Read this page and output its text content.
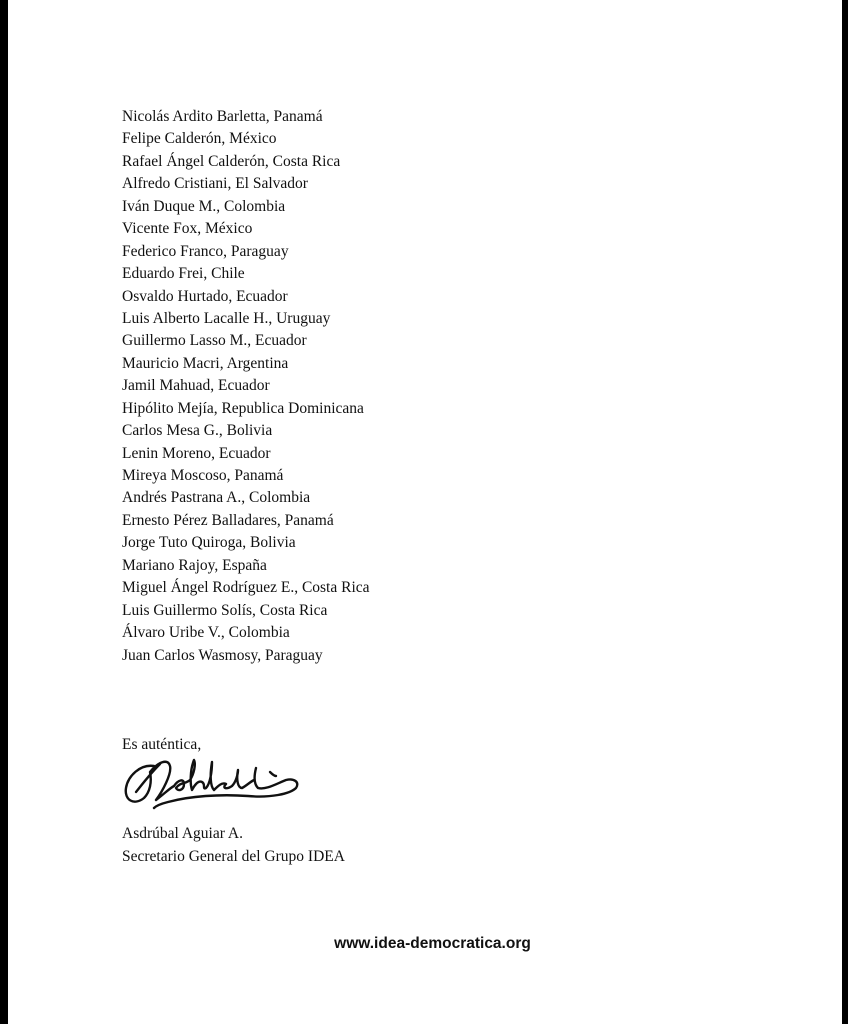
Nicolás Ardito Barletta, Panamá
Felipe Calderón, México
Rafael Ángel Calderón, Costa Rica
Alfredo Cristiani, El Salvador
Iván Duque M., Colombia
Vicente Fox, México
Federico Franco, Paraguay
Eduardo Frei, Chile
Osvaldo Hurtado, Ecuador
Luis Alberto Lacalle H., Uruguay
Guillermo Lasso M., Ecuador
Mauricio Macri, Argentina
Jamil Mahuad, Ecuador
Hipólito Mejía, Republica Dominicana
Carlos Mesa G., Bolivia
Lenin Moreno, Ecuador
Mireya Moscoso, Panamá
Andrés Pastrana A., Colombia
Ernesto Pérez Balladares, Panamá
Jorge Tuto Quiroga, Bolivia
Mariano Rajoy, España
Miguel Ángel Rodríguez E., Costa Rica
Luis Guillermo Solís, Costa Rica
Álvaro Uribe V., Colombia
Juan Carlos Wasmosy, Paraguay
Es auténtica,
Asdrúbal Aguiar A.
Secretario General del Grupo IDEA
www.idea-democratica.org
